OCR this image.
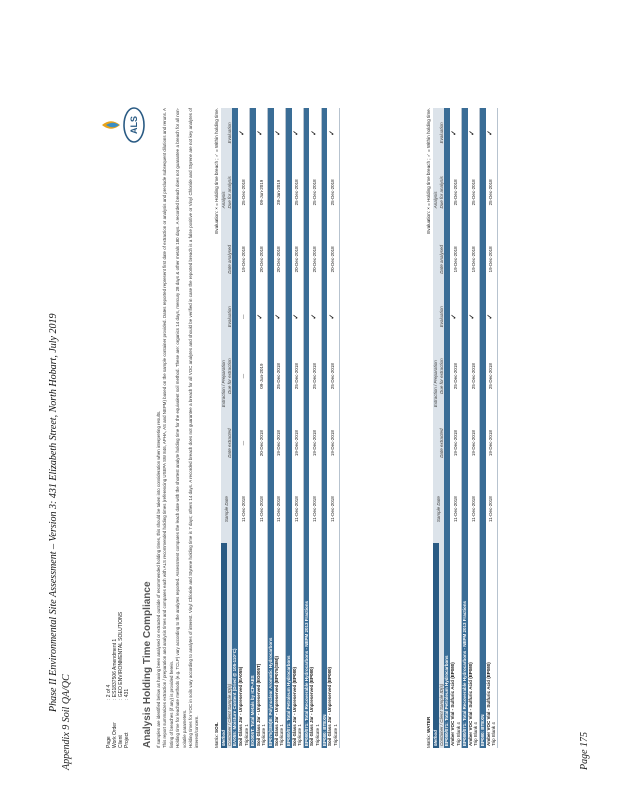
Phase II Environmental Site Assessment – Version 3: 431 Elizabeth Street, North Hobart, July 2019
Appendix 9 Soil QA/QC	Page 175
ALS
Page: 2 of 4
Work Order: ES1837506 Amendment 1
Client: GEO ENVIRONMENTAL SOLUTIONS
Project: 431 Analysis Holding Time Compliance If samples are identified below as having been analysed or extracted outside of recommended holding times, this should be taken into consideration when interpreting results. This report summarizes extraction / preparation and analysis times and compares each with ALS recommended holding times (referencing USEPA SW 846, APHA, AS and NEPM) based on the sample container provided. Dates reported represent first date of extraction or analysis and preclude subsequent dilutions and reruns. A listing of breaches (if any) is provided herein. Holding time for leachate methods (e.g. TCLP) vary according to the analytes reported. Assessment compares the leach date with the shortest analyte holding time for the equivalent soil method. These are: organics 14 days, mercury 28 days & other metals 180 days. A recorded breach does not guarantee a breach for all non-volatile parameters. Holding times for VOC in soils vary according to analytes of interest. Vinyl Chloride and Styrene holding time is 7 days; others 14 days. A recorded breach does not guarantee a breach for all VOC analytes and should be verified in case the reported breach is a false positive or Vinyl Chloride and Styrene are not key analytes of interest/concern.	Matrix: SOIL
Evaluation: × = Holding time breach ; ✓ = Within holding time.
Method	Sample Date	Extraction / Preparation			Analysis		
Container / Client Sample ID(s)		Date extracted	Due for extraction	Evaluation	Date analysed	Due for analysis	Evaluation
EA055: Moisture Content (Dried @ 105-110°C)							

Soil Glass Jar - Unpreserved (EA055) Triplicate 1	11-Dec-2018	—	—	—	19-Dec-2018	25-Dec-2018	✓
EG005T: Total Metals by ICP-AES							

Soil Glass Jar - Unpreserved (EG005T) Triplicate 1	11-Dec-2018	20-Dec-2018	09-Jun-2019	✓	20-Dec-2018	09-Jun-2019	✓
EP075(SIM)B: Polynuclear Aromatic Hydrocarbons							

Soil Glass Jar - Unpreserved (EP075(SIM)) Triplicate 1	11-Dec-2018	19-Dec-2018	25-Dec-2018	✓	20-Dec-2018	28-Jan-2019	✓
EP080/071: Total Petroleum Hydrocarbons							

Soil Glass Jar - Unpreserved (EP080) Triplicate 1	11-Dec-2018	19-Dec-2018	25-Dec-2018	✓	20-Dec-2018	25-Dec-2018	✓
EP080/071: Total Recoverable Hydrocarbons - NEPM 2013 Fractions							

Soil Glass Jar - Unpreserved (EP080) Triplicate 1	11-Dec-2018	19-Dec-2018	25-Dec-2018	✓	20-Dec-2018	25-Dec-2018	✓
EP080: BTEXN							

Soil Glass Jar - Unpreserved (EP080) Triplicate 1	11-Dec-2018	19-Dec-2018	25-Dec-2018	✓	20-Dec-2018	25-Dec-2018	✓
Matrix: WATER
Evaluation: × = Holding time breach ; ✓ = Within holding time.
Method	Sample Date	Extraction / Preparation			Analysis		
Container / Client Sample ID(s)		Date extracted	Due for extraction	Evaluation	Date analysed	Due for analysis	Evaluation
EP080/071: Total Petroleum Hydrocarbons							

Amber VOC Vial - Sulfuric Acid (EP080) Trip Blank 4	11-Dec-2018	19-Dec-2018	25-Dec-2018	✓	19-Dec-2018	25-Dec-2018	✓
EP080/071: Total Recoverable Hydrocarbons - NEPM 2013 Fractions							

Amber VOC Vial - Sulfuric Acid (EP080) Trip Blank 4	11-Dec-2018	19-Dec-2018	25-Dec-2018	✓	19-Dec-2018	25-Dec-2018	✓
EP080: BTEXN							

Amber VOC Vial - Sulfuric Acid (EP080) Trip Blank 4	11-Dec-2018	19-Dec-2018	25-Dec-2018	✓	19-Dec-2018	25-Dec-2018	✓
